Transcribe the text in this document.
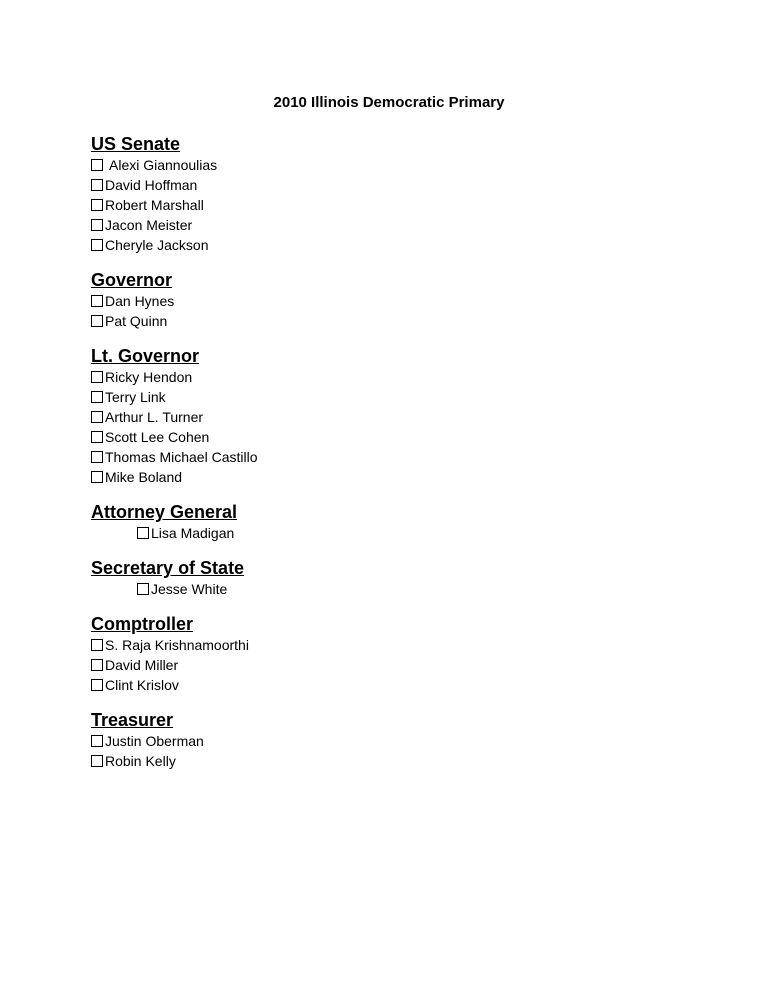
2010 Illinois Democratic Primary
US Senate
Alexi Giannoulias
David Hoffman
Robert Marshall
Jacon Meister
Cheryle Jackson
Governor
Dan Hynes
Pat Quinn
Lt. Governor
Ricky Hendon
Terry Link
Arthur L. Turner
Scott Lee Cohen
Thomas Michael Castillo
Mike Boland
Attorney General
Lisa Madigan
Secretary of State
Jesse White
Comptroller
S. Raja Krishnamoorthi
David Miller
Clint Krislov
Treasurer
Justin Oberman
Robin Kelly
